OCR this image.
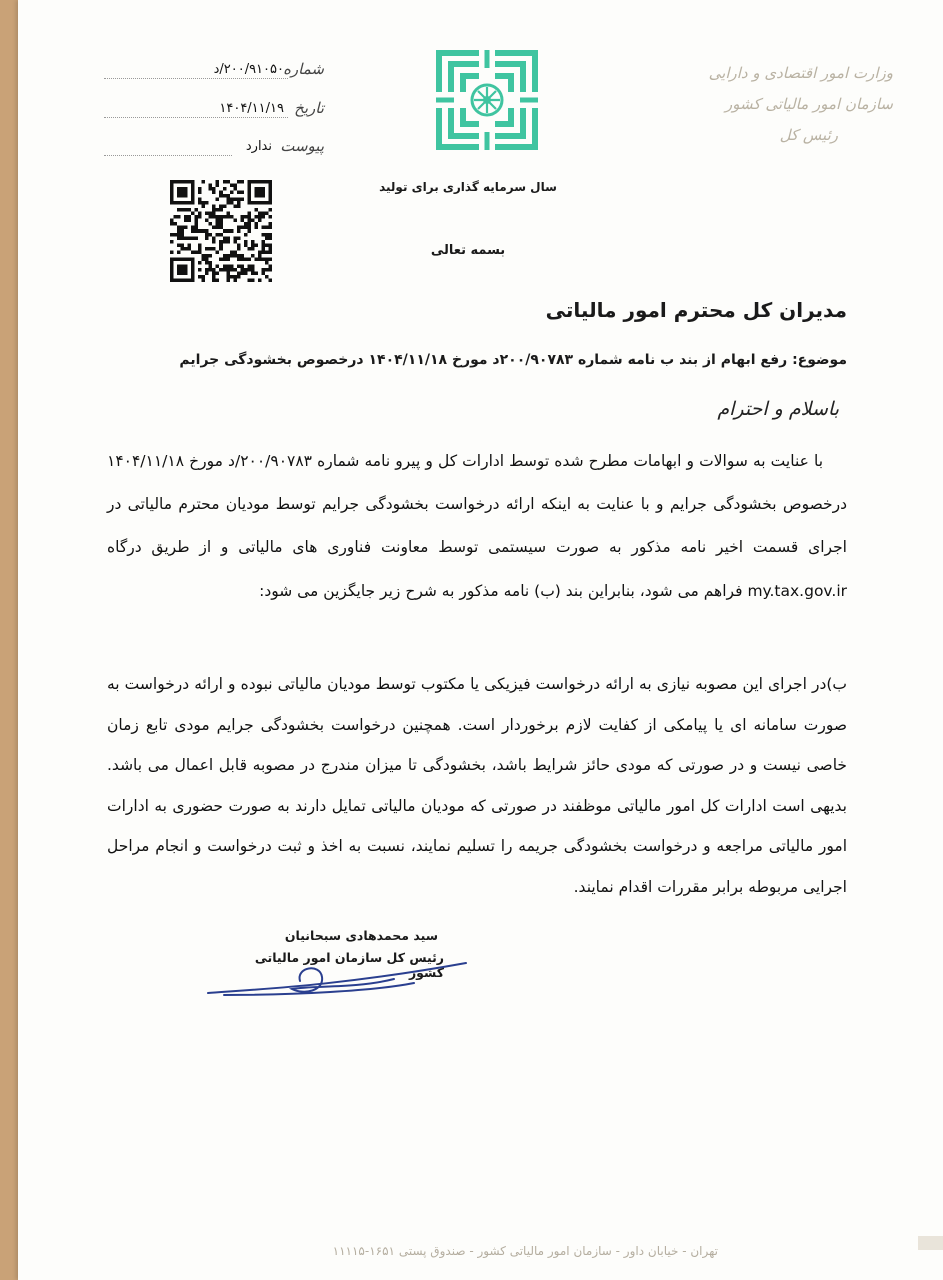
وزارت امور اقتصادی و دارایی
سازمان امور مالیاتی کشور
رئیس کل
شماره
۲۰۰/۹۱۰۵۰/د
تاریخ
۱۴۰۴/۱۱/۱۹
پیوست
ندارد
سال سرمایه گذاری برای تولید
بسمه تعالی
مدیران کل محترم امور مالیاتی
موضوع: رفع ابهام از بند ب نامه شماره ۲۰۰/۹۰۷۸۳د مورخ ۱۴۰۴/۱۱/۱۸ درخصوص بخشودگی جرایم
باسلام و احترام

با عنایت به سوالات و ابهامات مطرح شده توسط ادارات کل و پیرو نامه شماره ۲۰۰/۹۰۷۸۳/د مورخ ۱۴۰۴/۱۱/۱۸ درخصوص بخشودگی جرایم و با عنایت به اینکه ارائه درخواست بخشودگی جرایم توسط مودیان محترم مالیاتی در اجرای قسمت اخیر نامه مذکور به صورت سیستمی توسط معاونت فناوری های مالیاتی و از طریق درگاه my.tax.gov.ir فراهم می شود، بنابراین بند (ب) نامه مذکور به شرح زیر جایگزین می شود:

ب)در اجرای این مصوبه نیازی به ارائه درخواست فیزیکی یا مکتوب توسط مودیان مالیاتی نبوده و ارائه درخواست به صورت سامانه ای یا پیامکی از کفایت لازم برخوردار است. همچنین درخواست بخشودگی جرایم مودی تابع زمان خاصی نیست و در صورتی که مودی حائز شرایط باشد، بخشودگی تا میزان مندرج در مصوبه قابل اعمال می باشد. بدیهی است ادارات کل امور مالیاتی موظفند در صورتی که مودیان مالیاتی تمایل دارند به صورت حضوری به ادارات امور مالیاتی مراجعه و درخواست بخشودگی جریمه را تسلیم نمایند، نسبت به اخذ و ثبت درخواست و انجام مراحل اجرایی مربوطه برابر مقررات اقدام نمایند.

سید محمدهادی سبحانیان
رئیس کل سازمان امور مالیاتی کشور
تهران - خیابان داور - سازمان امور مالیاتی کشور - صندوق پستی ۱۶۵۱-۱۱۱۱۵
